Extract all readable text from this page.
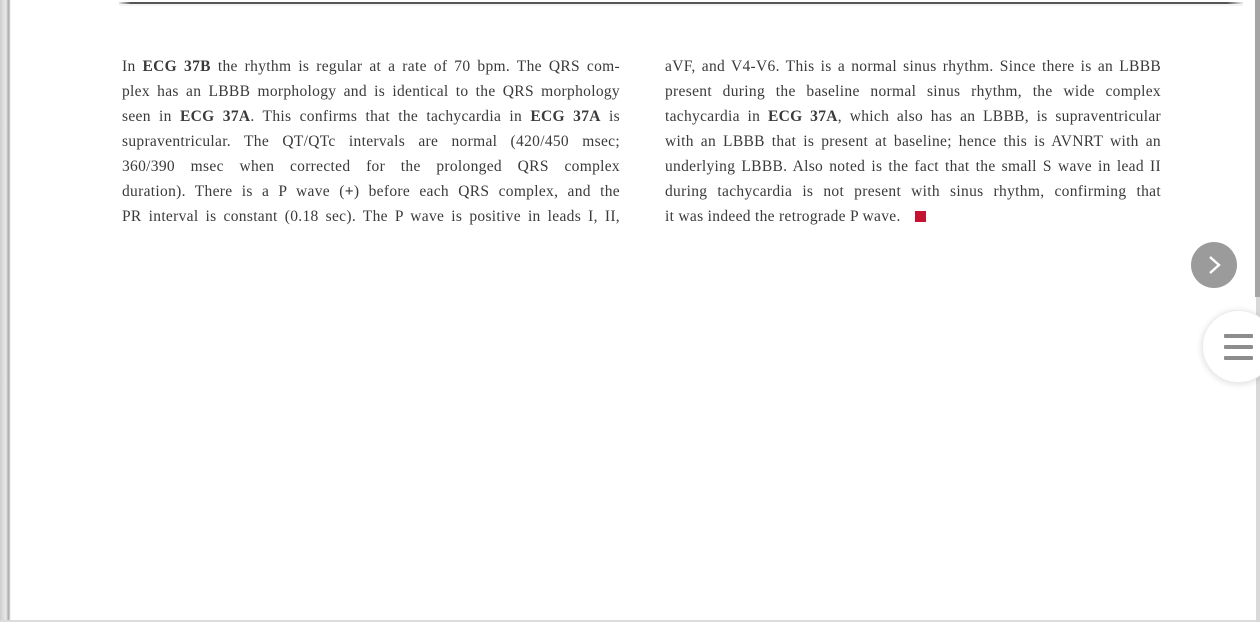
In ECG 37B the rhythm is regular at a rate of 70 bpm. The QRS com-
plex has an LBBB morphology and is identical to the QRS morphology
seen in ECG 37A. This confirms that the tachycardia in ECG 37A is
supraventricular. The QT/QTc intervals are normal (420/450 msec;
360/390 msec when corrected for the prolonged QRS complex
duration). There is a P wave (+) before each QRS complex, and the
PR interval is constant (0.18 sec). The P wave is positive in leads I, II,
aVF, and V4-V6. This is a normal sinus rhythm. Since there is an LBBB
present during the baseline normal sinus rhythm, the wide complex
tachycardia in ECG 37A, which also has an LBBB, is supraventricular
with an LBBB that is present at baseline; hence this is AVNRT with an
underlying LBBB. Also noted is the fact that the small S wave in lead II
during tachycardia is not present with sinus rhythm, confirming that
it was indeed the retrograde P wave.
